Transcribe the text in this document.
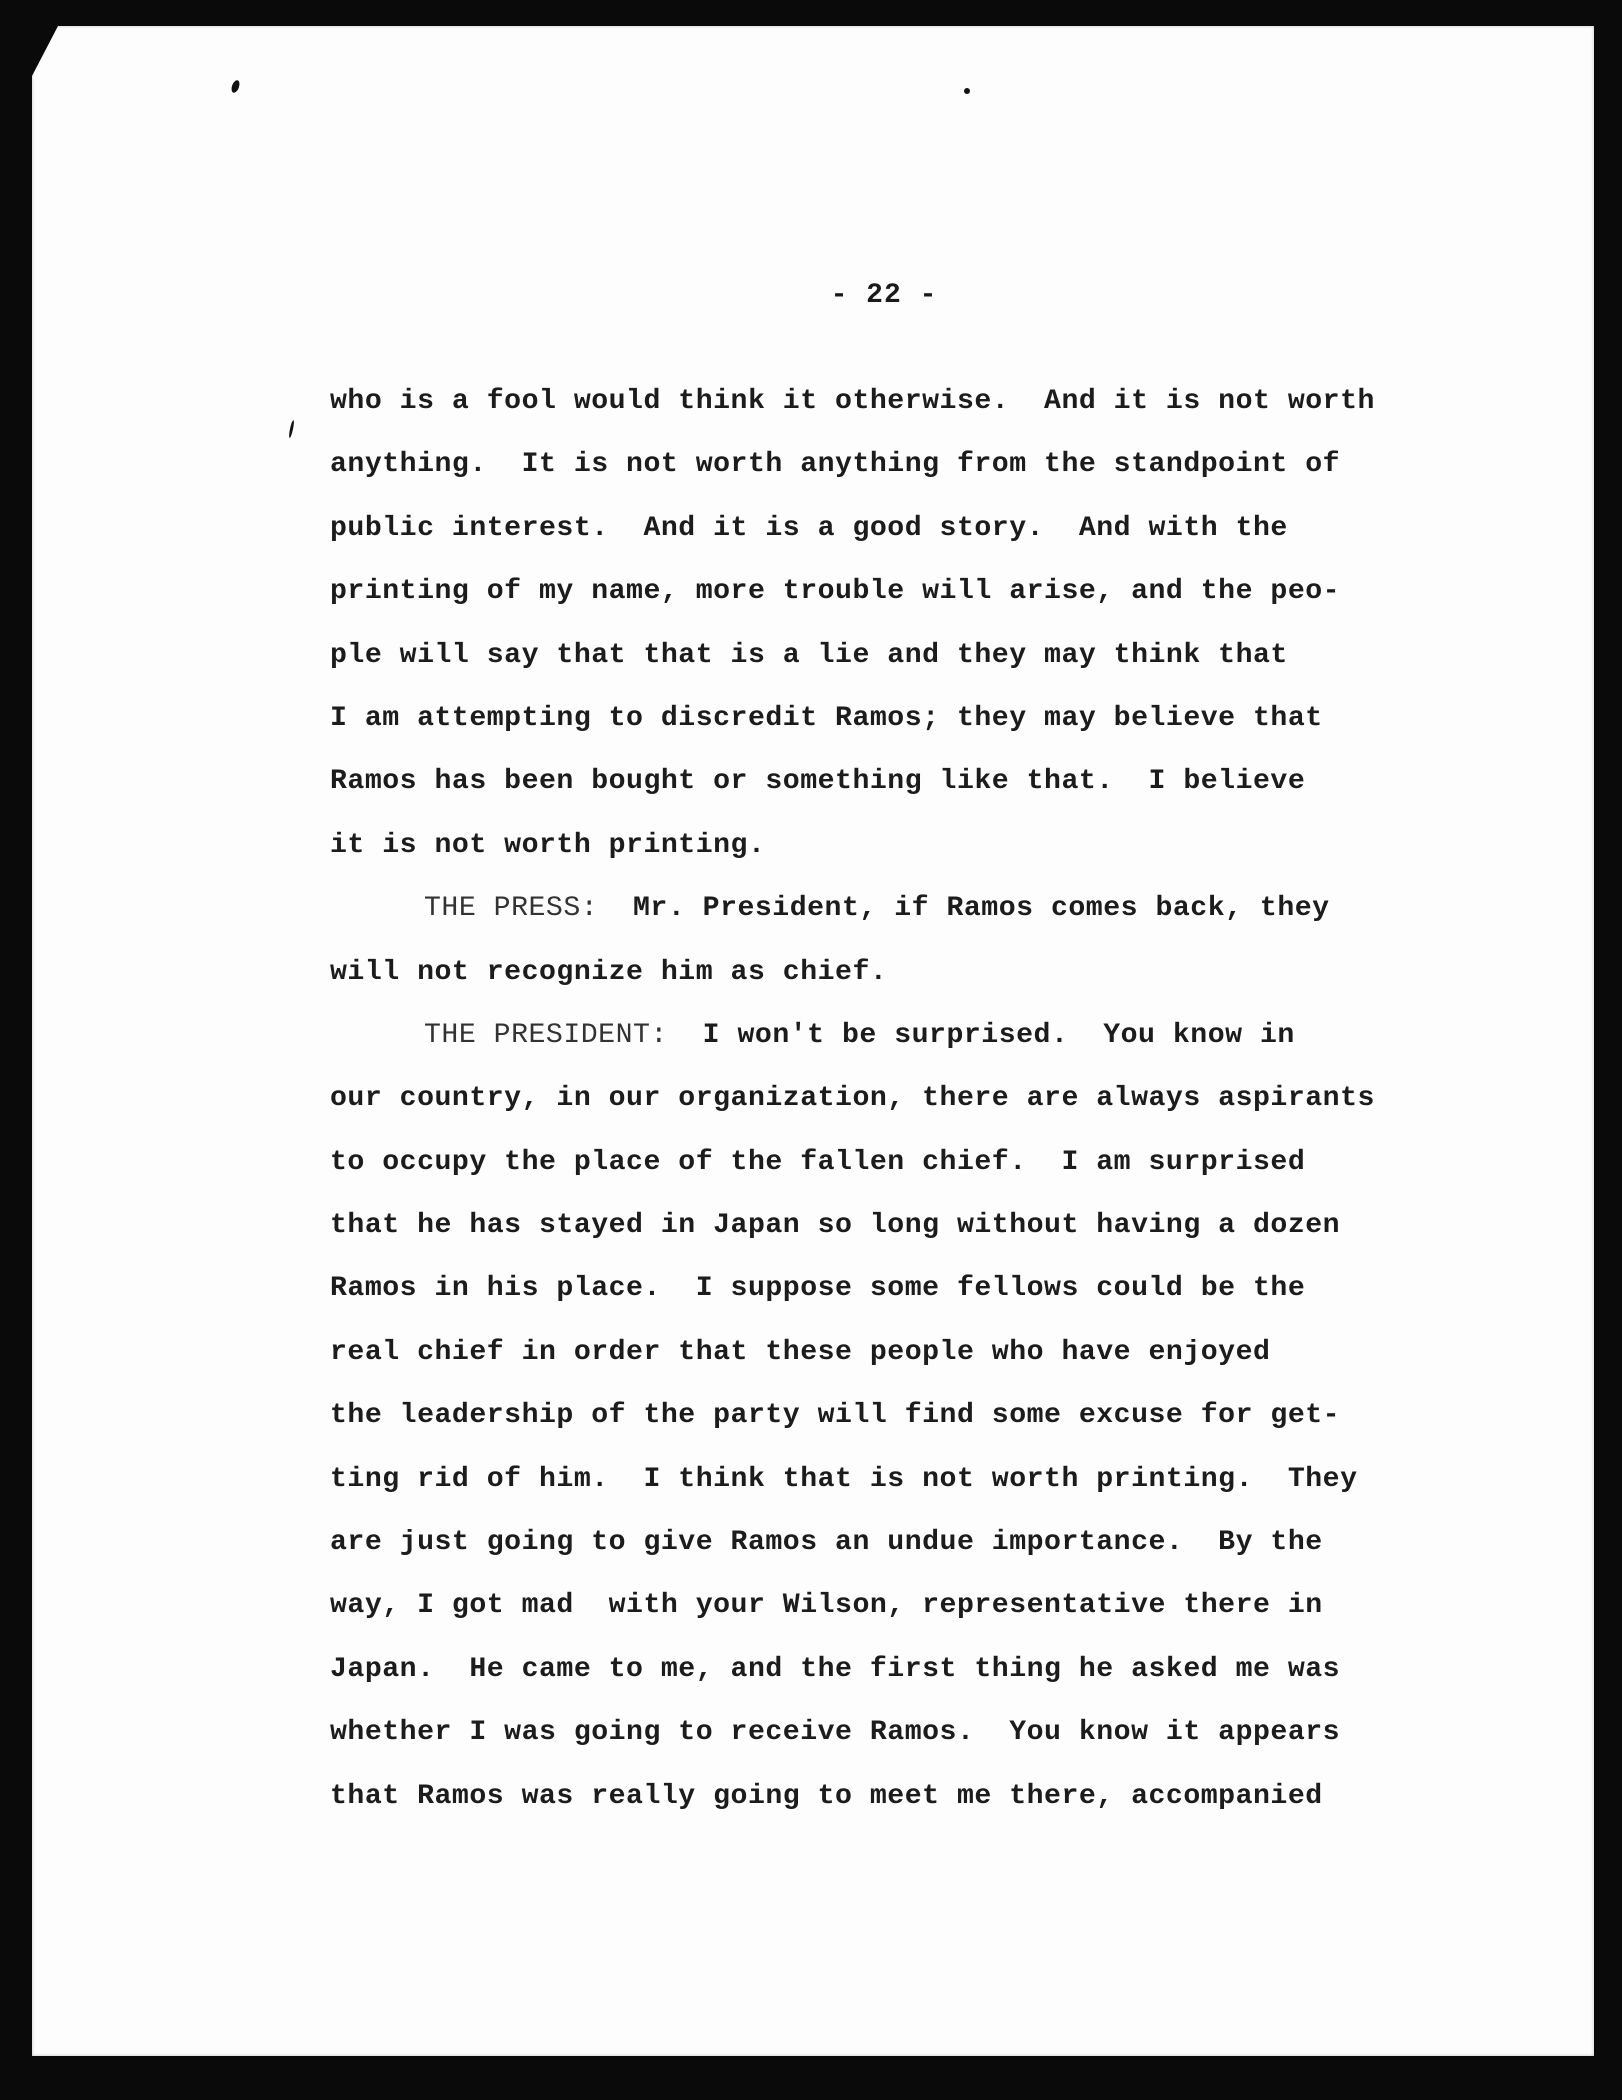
- 22 -
who is a fool would think it otherwise.  And it is not worth
anything.  It is not worth anything from the standpoint of
public interest.  And it is a good story.  And with the
printing of my name, more trouble will arise, and the peo-
ple will say that that is a lie and they may think that
I am attempting to discredit Ramos; they may believe that
Ramos has been bought or something like that.  I believe
it is not worth printing.
THE PRESS:  Mr. President, if Ramos comes back, they
will not recognize him as chief.
THE PRESIDENT:  I won't be surprised.  You know in
our country, in our organization, there are always aspirants
to occupy the place of the fallen chief.  I am surprised
that he has stayed in Japan so long without having a dozen
Ramos in his place.  I suppose some fellows could be the
real chief in order that these people who have enjoyed
the leadership of the party will find some excuse for get-
ting rid of him.  I think that is not worth printing.  They
are just going to give Ramos an undue importance.  By the
way, I got mad  with your Wilson, representative there in
Japan.  He came to me, and the first thing he asked me was
whether I was going to receive Ramos.  You know it appears
that Ramos was really going to meet me there, accompanied
